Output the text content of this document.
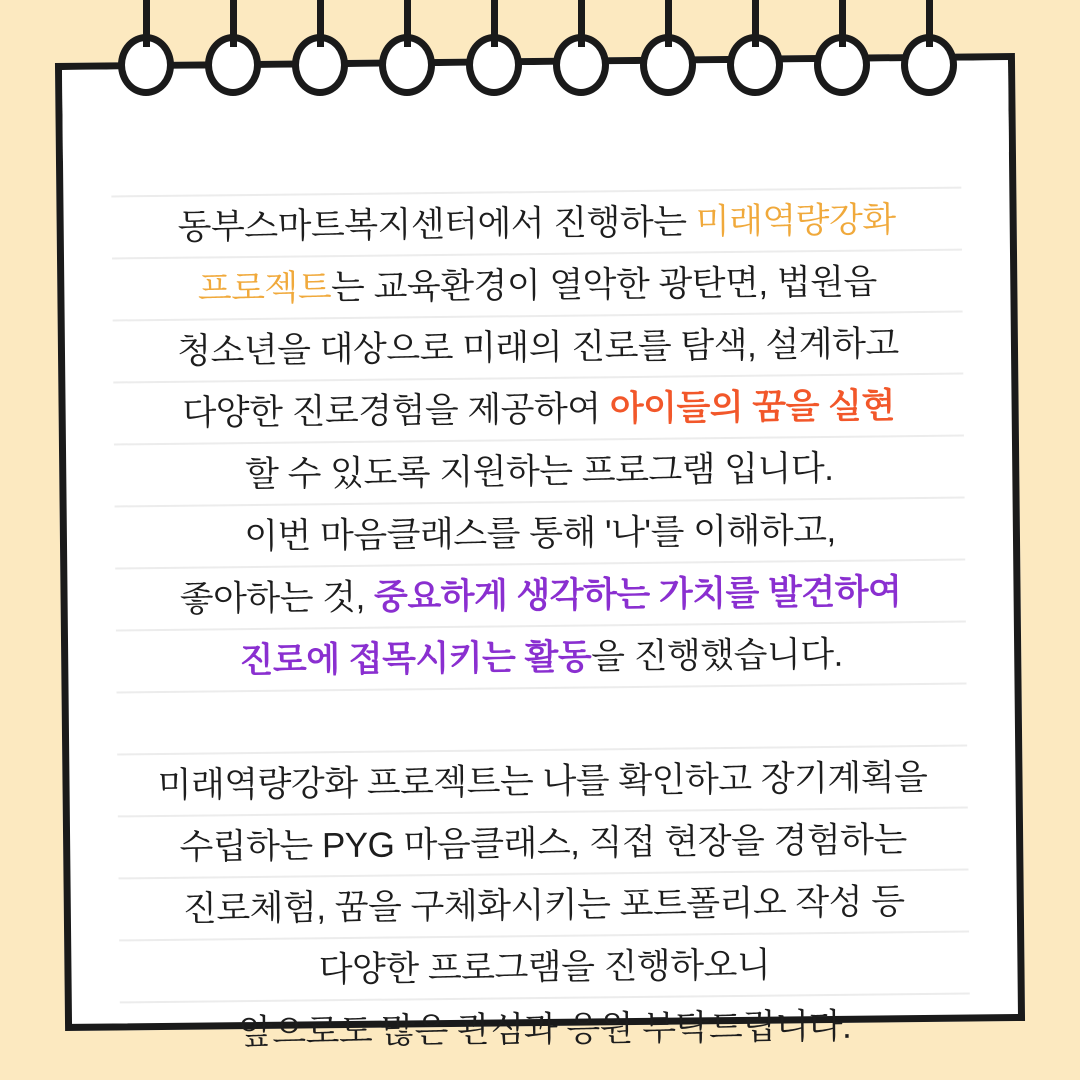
동부스마트복지센터에서 진행하는 미래역량강화
프로젝트는 교육환경이 열악한 광탄면, 법원읍
청소년을 대상으로 미래의 진로를 탐색, 설계하고
다양한 진로경험을 제공하여 아이들의 꿈을 실현
할 수 있도록 지원하는 프로그램 입니다.
이번 마음클래스를 통해 '나'를 이해하고,
좋아하는 것, 중요하게 생각하는 가치를 발견하여
진로에 접목시키는 활동을 진행했습니다.
미래역량강화 프로젝트는 나를 확인하고 장기계획을
수립하는 PYG 마음클래스, 직접 현장을 경험하는
진로체험, 꿈을 구체화시키는 포트폴리오 작성 등
다양한 프로그램을 진행하오니
앞으로도 많은 관심과 응원 부탁드립니다.
